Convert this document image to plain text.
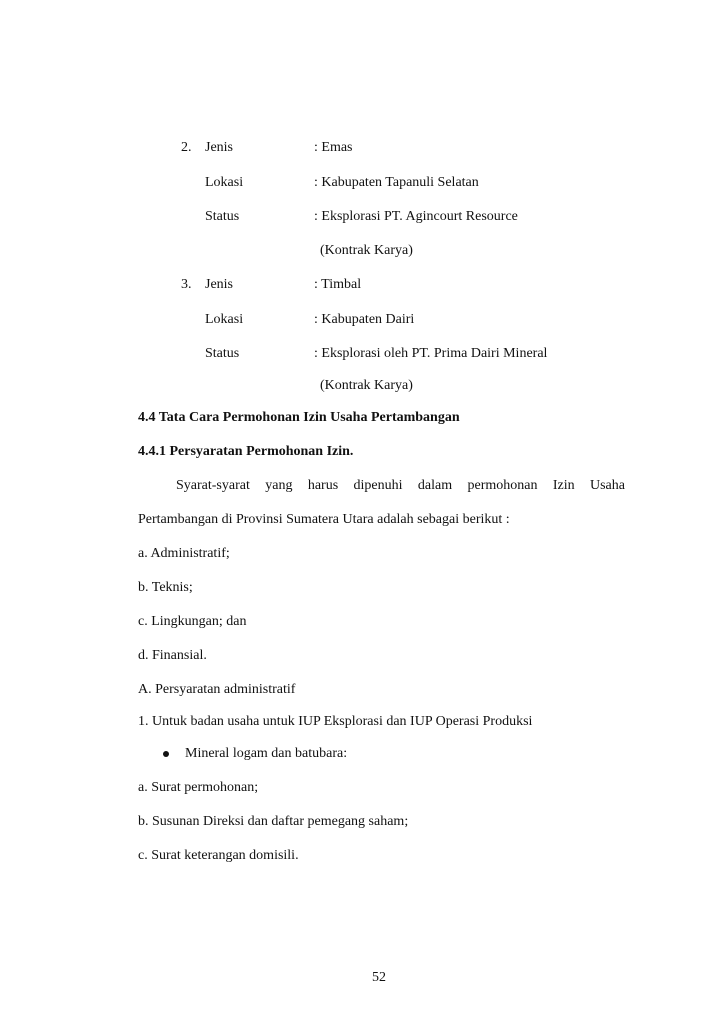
2. Jenis	: Emas
Lokasi	: Kabupaten Tapanuli Selatan
Status	: Eksplorasi PT. Agincourt Resource
(Kontrak Karya)
3. Jenis	: Timbal
Lokasi	: Kabupaten Dairi
Status	: Eksplorasi oleh PT. Prima Dairi Mineral
(Kontrak Karya)
4.4 Tata Cara Permohonan Izin Usaha Pertambangan
4.4.1 Persyaratan Permohonan Izin.
Syarat-syarat yang harus dipenuhi dalam permohonan Izin Usaha
Pertambangan di Provinsi Sumatera Utara adalah sebagai berikut :
a. Administratif;
b. Teknis;
c. Lingkungan; dan
d. Finansial.
A. Persyaratan administratif
1. Untuk badan usaha untuk IUP Eksplorasi dan IUP Operasi Produksi
Mineral logam dan batubara:
a. Surat permohonan;
b. Susunan Direksi dan daftar pemegang saham;
c. Surat keterangan domisili.
52
